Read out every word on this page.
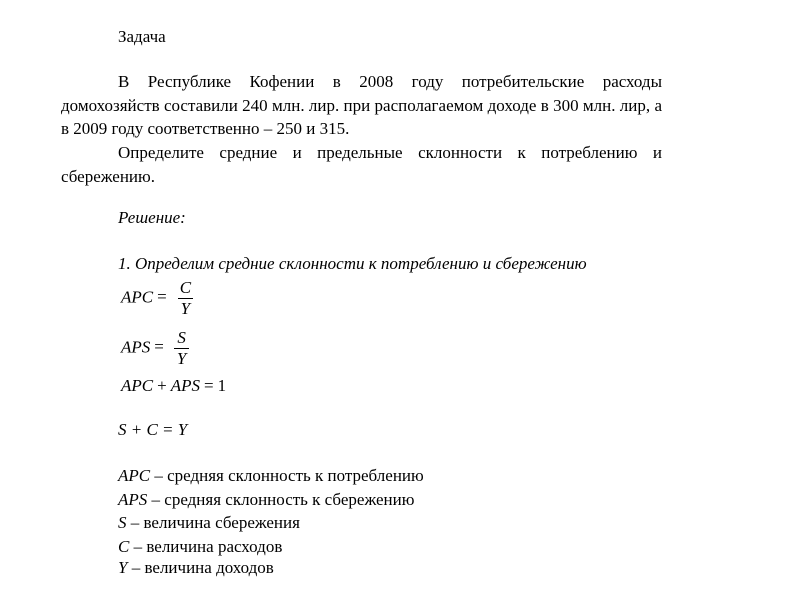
Задача
В Республике Кофении в 2008 году потребительские расходы домохозяйств составили 240 млн. лир. при располагаемом доходе в 300 млн. лир, а в 2009 году соответственно – 250 и 315.
Определите средние и предельные склонности к потреблению и сбережению.
Решение:
1. Определим средние склонности к потреблению и сбережению
APC = $\frac{C}{Y}$
APS = $\frac{S}{Y}$
APC + APS = 1
S + C = Y
APC – средняя склонность к потреблению
APS – средняя склонность к сбережению
S – величина сбережения
C – величина расходов
Y – величина доходов
